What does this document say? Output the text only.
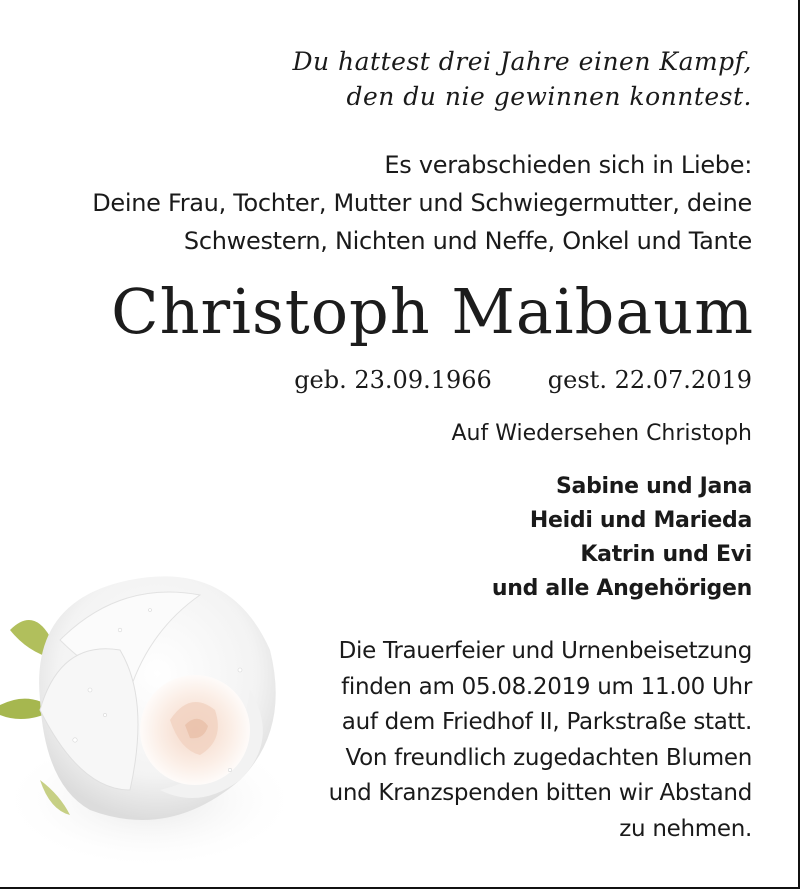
Du hattest drei Jahre einen Kampf,
den du nie gewinnen konntest.
Es verabschieden sich in Liebe:
Deine Frau, Tochter, Mutter und Schwiegermutter, deine
Schwestern, Nichten und Neffe, Onkel und Tante
Christoph Maibaum
geb. 23.09.1966 gest. 22.07.2019
Auf Wiedersehen Christoph
Sabine und Jana
Heidi und Marieda
Katrin und Evi
und alle Angehörigen
Die Trauerfeier und Urnenbeisetzung
finden am 05.08.2019 um 11.00 Uhr
auf dem Friedhof II, Parkstraße statt.
Von freundlich zugedachten Blumen
und Kranzspenden bitten wir Abstand
zu nehmen.
